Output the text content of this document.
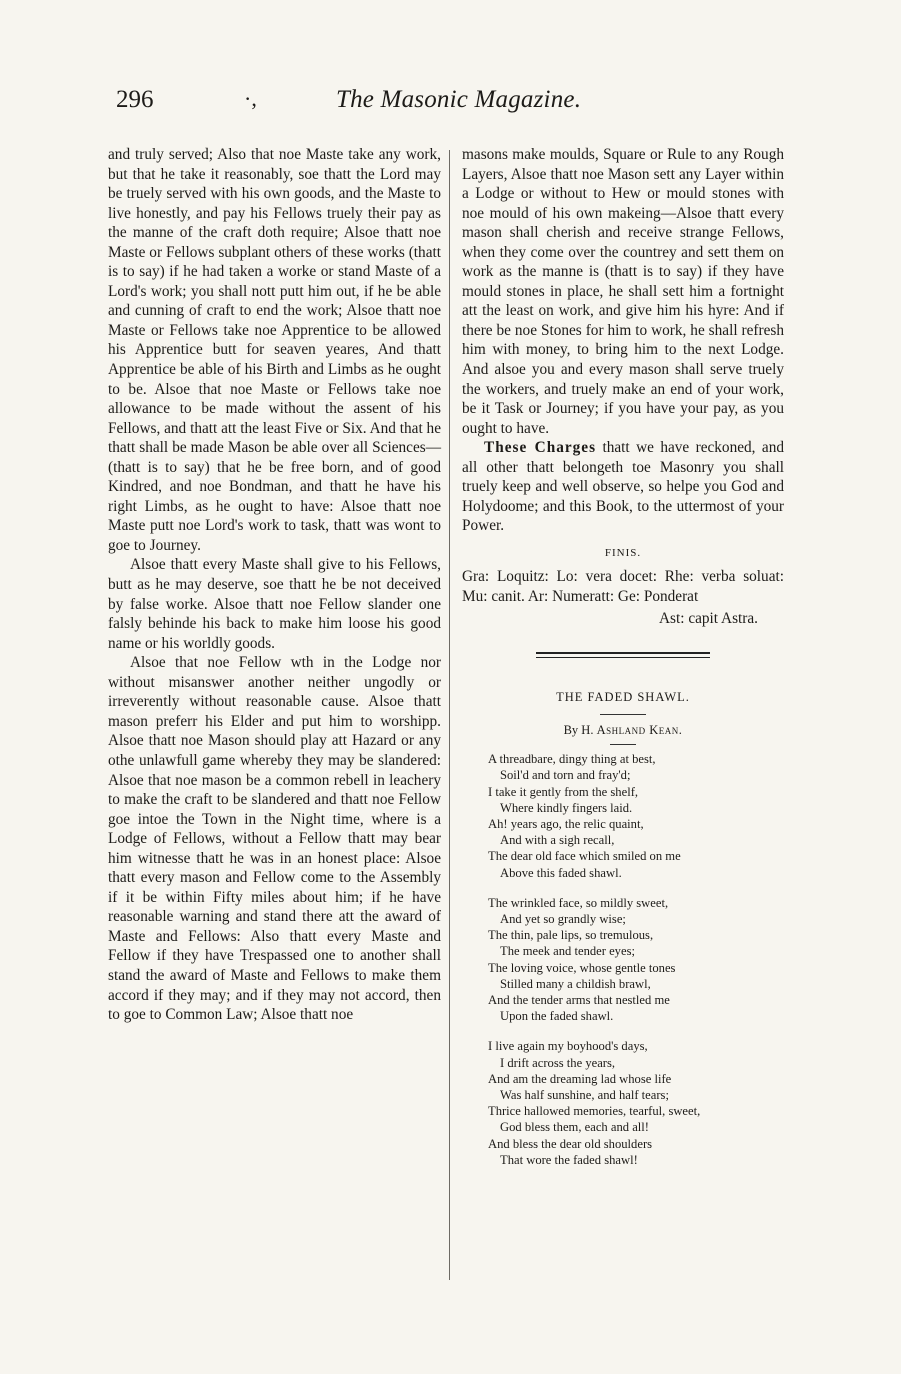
296	·,	The Masonic Magazine.

and truly served; Also that noe Maste take any work, but that he take it reasonably, soe thatt the Lord may be truely served with his own goods, and the Maste to live honestly, and pay his Fellows truely their pay as the manne of the craft doth require; Alsoe thatt noe Maste or Fellows subplant others of these works (thatt is to say) if he had taken a worke or stand Maste of a Lord's work; you shall nott putt him out, if he be able and cunning of craft to end the work; Alsoe thatt noe Maste or Fellows take noe Apprentice to be allowed his Apprentice butt for seaven yeares, And thatt Apprentice be able of his Birth and Limbs as he ought to be. Alsoe that noe Maste or Fellows take noe allowance to be made without the assent of his Fellows, and thatt att the least Five or Six. And that he thatt shall be made Mason be able over all Sciences—(thatt is to say) that he be free born, and of good Kindred, and noe Bondman, and thatt he have his right Limbs, as he ought to have: Alsoe thatt noe Maste putt noe Lord's work to task, thatt was wont to goe to Journey.

Alsoe thatt every Maste shall give to his Fellows, butt as he may deserve, soe thatt he be not deceived by false worke. Alsoe thatt noe Fellow slander one falsly behinde his back to make him loose his good name or his worldly goods.

Alsoe that noe Fellow wth in the Lodge nor without misanswer another neither ungodly or irreverently without reasonable cause. Alsoe thatt mason preferr his Elder and put him to worshipp. Alsoe thatt noe Mason should play att Hazard or any othe unlawfull game whereby they may be slandered: Alsoe that noe mason be a common rebell in leachery to make the craft to be slandered and thatt noe Fellow goe intoe the Town in the Night time, where is a Lodge of Fellows, without a Fellow thatt may bear him witnesse thatt he was in an honest place: Alsoe thatt every mason and Fellow come to the Assembly if it be within Fifty miles about him; if he have reasonable warning and stand there att the award of Maste and Fellows: Also thatt every Maste and Fellow if they have Trespassed one to another shall stand the award of Maste and Fellows to make them accord if they may; and if they may not accord, then to goe to Common Law; Alsoe thatt noe

masons make moulds, Square or Rule to any Rough Layers, Alsoe thatt noe Mason sett any Layer within a Lodge or without to Hew or mould stones with noe mould of his own makeing—Alsoe thatt every mason shall cherish and receive strange Fellows, when they come over the countrey and sett them on work as the manne is (thatt is to say) if they have mould stones in place, he shall sett him a fortnight att the least on work, and give him his hyre: And if there be noe Stones for him to work, he shall refresh him with money, to bring him to the next Lodge. And alsoe you and every mason shall serve truely the workers, and truely make an end of your work, be it Task or Journey; if you have your pay, as you ought to have.

These Charges thatt we have reckoned, and all other thatt belongeth toe Masonry you shall truely keep and well observe, so helpe you God and Holydoome; and this Book, to the uttermost of your Power.

FINIS.

Gra: Loquitz: Lo: vera docet: Rhe: verba soluat: Mu: canit. Ar: Numeratt: Ge: Ponderat

Ast: capit Astra.
THE FADED SHAWL.
By H. Ashland Kean.
A threadbare, dingy thing at best,
Soil'd and torn and fray'd;
I take it gently from the shelf,
Where kindly fingers laid.
Ah! years ago, the relic quaint,
And with a sigh recall,
The dear old face which smiled on me
Above this faded shawl.
The wrinkled face, so mildly sweet,
And yet so grandly wise;
The thin, pale lips, so tremulous,
The meek and tender eyes;
The loving voice, whose gentle tones
Stilled many a childish brawl,
And the tender arms that nestled me
Upon the faded shawl.
I live again my boyhood's days,
I drift across the years,
And am the dreaming lad whose life
Was half sunshine, and half tears;
Thrice hallowed memories, tearful, sweet,
God bless them, each and all!
And bless the dear old shoulders
That wore the faded shawl!
